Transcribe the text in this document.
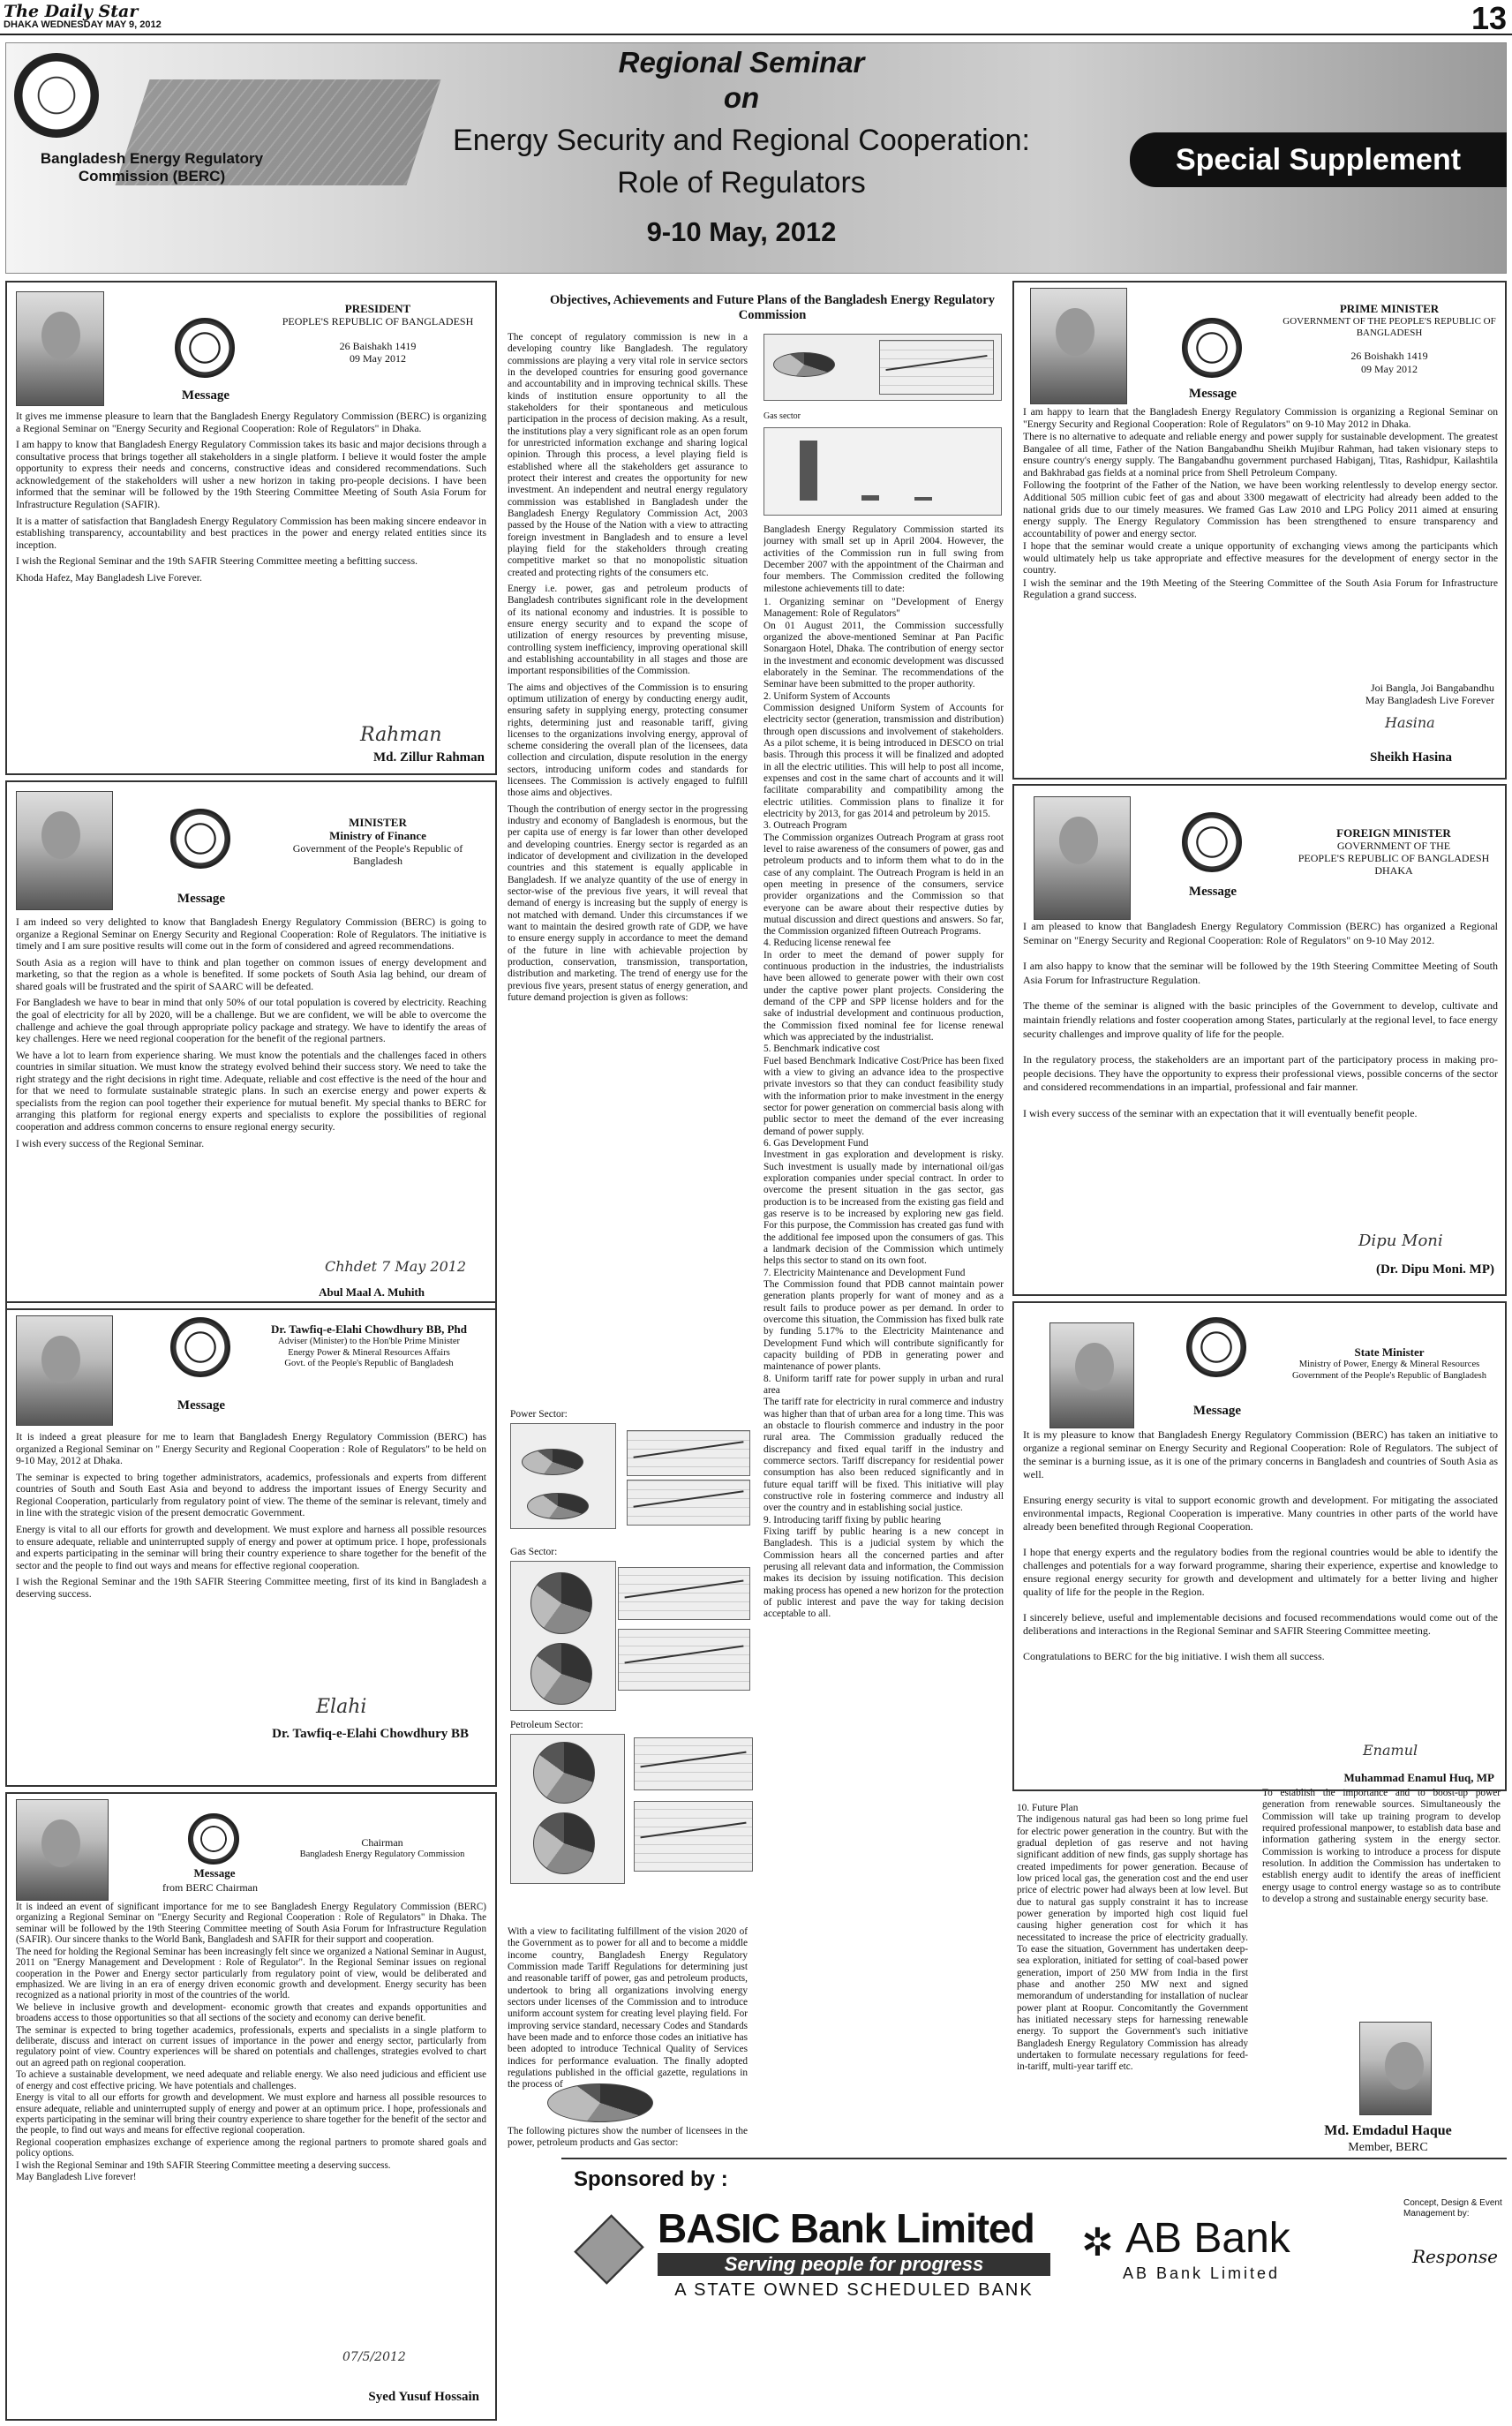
The Daily Star
DHAKA WEDNESDAY MAY 9, 2012	13
Bangladesh Energy Regulatory Commission (BERC)
Regional Seminar
on
Energy Security and Regional Cooperation:
Role of Regulators
9-10 May, 2012
Special Supplement
Message
PRESIDENT
PEOPLE'S REPUBLIC OF BANGLADESH

26 Baishakh 1419
09 May 2012

It gives me immense pleasure to learn that the Bangladesh Energy Regulatory Commission (BERC) is organizing a Regional Seminar on "Energy Security and Regional Cooperation: Role of Regulators" in Dhaka.

I am happy to know that Bangladesh Energy Regulatory Commission takes its basic and major decisions through a consultative process that brings together all stakeholders in a single platform. I believe it would foster the ample opportunity to express their needs and concerns, constructive ideas and considered recommendations. Such acknowledgement of the stakeholders will usher a new horizon in taking pro-people decisions. I have been informed that the seminar will be followed by the 19th Steering Committee Meeting of South Asia Forum for Infrastructure Regulation (SAFIR).

It is a matter of satisfaction that Bangladesh Energy Regulatory Commission has been making sincere endeavor in establishing transparency, accountability and best practices in the power and energy related entities since its inception.

I wish the Regional Seminar and the 19th SAFIR Steering Committee meeting a befitting success.

Khoda Hafez, May Bangladesh Live Forever.

Rahman
Md. Zillur Rahman
Message
MINISTER
Ministry of Finance
Government of the People's Republic of Bangladesh

I am indeed so very delighted to know that Bangladesh Energy Regulatory Commission (BERC) is going to organize a Regional Seminar on Energy Security and Regional Cooperation: Role of Regulators. The initiative is timely and I am sure positive results will come out in the form of considered and agreed recommendations.

South Asia as a region will have to think and plan together on common issues of energy development and marketing, so that the region as a whole is benefited. If some pockets of South Asia lag behind, our dream of shared goals will be frustrated and the spirit of SAARC will be defeated.

For Bangladesh we have to bear in mind that only 50% of our total population is covered by electricity. Reaching the goal of electricity for all by 2020, will be a challenge. But we are confident, we will be able to overcome the challenge and achieve the goal through appropriate policy package and strategy. We have to identify the areas of key challenges. Here we need regional cooperation for the benefit of the regional partners.

We have a lot to learn from experience sharing. We must know the potentials and the challenges faced in others countries in similar situation. We must know the strategy evolved behind their success story. We need to take the right strategy and the right decisions in right time. Adequate, reliable and cost effective is the need of the hour and for that we need to formulate sustainable strategic plans. In such an exercise energy and power experts & specialists from the region can pool together their experience for mutual benefit. My special thanks to BERC for arranging this platform for regional energy experts and specialists to explore the possibilities of regional cooperation and address common concerns to ensure regional energy security.

I wish every success of the Regional Seminar.

Chhdet 7 May 2012
Abul Maal A. Muhith
Message
Dr. Tawfiq-e-Elahi Chowdhury BB, Phd
Adviser (Minister) to the Hon'ble Prime Minister
Energy Power & Mineral Resources Affairs
Govt. of the People's Republic of Bangladesh

It is indeed a great pleasure for me to learn that Bangladesh Energy Regulatory Commission (BERC) has organized a Regional Seminar on " Energy Security and Regional Cooperation : Role of Regulators" to be held on 9-10 May, 2012 at Dhaka.

The seminar is expected to bring together administrators, academics, professionals and experts from different countries of South and South East Asia and beyond to address the important issues of Energy Security and Regional Cooperation, particularly from regulatory point of view. The theme of the seminar is relevant, timely and in line with the strategic vision of the present democratic Government.

Energy is vital to all our efforts for growth and development. We must explore and harness all possible resources to ensure adequate, reliable and uninterrupted supply of energy and power at optimum price. I hope, professionals and experts participating in the seminar will bring their country experience to share together for the benefit of the sector and the people to find out ways and means for effective regional cooperation.

I wish the Regional Seminar and the 19th SAFIR Steering Committee meeting, first of its kind in Bangladesh a deserving success.

Elahi
Dr. Tawfiq-e-Elahi Chowdhury BB
Message
from BERC Chairman
Chairman
Bangladesh Energy Regulatory Commission

It is indeed an event of significant importance for me to see Bangladesh Energy Regulatory Commission (BERC) organizing a Regional Seminar on "Energy Security and Regional Cooperation : Role of Regulators" in Dhaka. The seminar will be followed by the 19th Steering Committee meeting of South Asia Forum for Infrastructure Regulation (SAFIR). Our sincere thanks to the World Bank, Bangladesh and SAFIR for their support and cooperation.

The need for holding the Regional Seminar has been increasingly felt since we organized a National Seminar in August, 2011 on "Energy Management and Development : Role of Regulator". In the Regional Seminar issues on regional cooperation in the Power and Energy sector particularly from regulatory point of view, would be deliberated and emphasized. We are living in an era of energy driven economic growth and development. Energy security has been recognized as a national priority in most of the countries of the world.

We believe in inclusive growth and development- economic growth that creates and expands opportunities and broadens access to those opportunities so that all sections of the society and economy can derive benefit.

The seminar is expected to bring together academics, professionals, experts and specialists in a single platform to deliberate, discuss and interact on current issues of importance in the power and energy sector, particularly from regulatory point of view. Country experiences will be shared on potentials and challenges, strategies evolved to chart out an agreed path on regional cooperation.

To achieve a sustainable development, we need adequate and reliable energy. We also need judicious and efficient use of energy and cost effective pricing. We have potentials and challenges.

Energy is vital to all our efforts for growth and development. We must explore and harness all possible resources to ensure adequate, reliable and uninterrupted supply of energy and power at an optimum price. I hope, professionals and experts participating in the seminar will bring their country experience to share together for the benefit of the sector and the people, to find out ways and means for effective regional cooperation.

Regional cooperation emphasizes exchange of experience among the regional partners to promote shared goals and policy options.

I wish the Regional Seminar and 19th SAFIR Steering Committee meeting a deserving success.

May Bangladesh Live forever!

07/5/2012
Syed Yusuf Hossain
Objectives, Achievements and Future Plans of the Bangladesh Energy Regulatory Commission

The concept of regulatory commission is new in a developing country like Bangladesh. The regulatory commissions are playing a very vital role in service sectors in the developed countries for ensuring good governance and accountability and in improving technical skills. These kinds of institution ensure opportunity to all the stakeholders for their spontaneous and meticulous participation in the process of decision making. As a result, the institutions play a very significant role as an open forum for unrestricted information exchange and sharing logical opinion. Through this process, a level playing field is established where all the stakeholders get assurance to protect their interest and creates the opportunity for new investment. An independent and neutral energy regulatory commission was established in Bangladesh under the Bangladesh Energy Regulatory Commission Act, 2003 passed by the House of the Nation with a view to attracting foreign investment in Bangladesh and to ensure a level playing field for the stakeholders through creating competitive market so that no monopolistic situation created and protecting rights of the consumers etc.

Energy i.e. power, gas and petroleum products of Bangladesh contributes significant role in the development of its national economy and industries. It is possible to ensure energy security and to expand the scope of utilization of energy resources by preventing misuse, controlling system inefficiency, improving operational skill and establishing accountability in all stages and those are important responsibilities of the Commission.

The aims and objectives of the Commission is to ensuring optimum utilization of energy by conducting energy audit, ensuring safety in supplying energy, protecting consumer rights, determining just and reasonable tariff, giving licenses to the organizations involving energy, approval of scheme considering the overall plan of the licensees, data collection and circulation, dispute resolution in the energy sectors, introducing uniform codes and standards for licensees. The Commission is actively engaged to fulfill those aims and objectives.

Though the contribution of energy sector in the progressing industry and economy of Bangladesh is enormous, but the per capita use of energy is far lower than other developed and developing countries. Energy sector is regarded as an indicator of development and civilization in the developed countries and this statement is equally applicable in Bangladesh. If we analyze quantity of the use of energy in sector-wise of the previous five years, it will reveal that demand of energy is increasing but the supply of energy is not matched with demand. Under this circumstances if we want to maintain the desired growth rate of GDP, we have to ensure energy supply in accordance to meet the demand of the future in line with achievable projection by production, conservation, transmission, transportation, distribution and marketing. The trend of energy use for the previous five years, present status of energy generation, and future demand projection is given as follows:

Power Sector:
Gas Sector:
Petroleum Sector:

With a view to facilitating fulfillment of the vision 2020 of the Government as to power for all and to become a middle income country, Bangladesh Energy Regulatory Commission made Tariff Regulations for determining just and reasonable tariff of power, gas and petroleum products, undertook to bring all organizations involving energy sectors under licenses of the Commission and to introduce uniform account system for creating level playing field. For improving service standard, necessary Codes and Standards have been made and to enforce those codes an initiative has been adopted to introduce Technical Quality of Services indices for performance evaluation. The finally adopted regulations published in the official gazette, regulations in the process of

The following pictures show the number of licensees in the power, petroleum products and Gas sector:

Gas sector

Bangladesh Energy Regulatory Commission started its journey with small set up in April 2004. However, the activities of the Commission run in full swing from December 2007 with the appointment of the Chairman and four members. The Commission credited the following milestone achievements till to date:

1. Organizing seminar on "Development of Energy Management: Role of Regulators"

On 01 August 2011, the Commission successfully organized the above-mentioned Seminar at Pan Pacific Sonargaon Hotel, Dhaka. The contribution of energy sector in the investment and economic development was discussed elaborately in the Seminar. The recommendations of the Seminar have been submitted to the proper authority.

2. Uniform System of Accounts

Commission designed Uniform System of Accounts for electricity sector (generation, transmission and distribution) through open discussions and involvement of stakeholders. As a pilot scheme, it is being introduced in DESCO on trial basis. Through this process it will be finalized and adopted in all the electric utilities. This will help to post all income, expenses and cost in the same chart of accounts and it will facilitate comparability and compatibility among the electric utilities. Commission plans to finalize it for electricity by 2013, for gas 2014 and petroleum by 2015.

3. Outreach Program

The Commission organizes Outreach Program at grass root level to raise awareness of the consumers of power, gas and petroleum products and to inform them what to do in the case of any complaint. The Outreach Program is held in an open meeting in presence of the consumers, service provider organizations and the Commission so that everyone can be aware about their respective duties by mutual discussion and direct questions and answers. So far, the Commission organized fifteen Outreach Programs.

4. Reducing license renewal fee

In order to meet the demand of power supply for continuous production in the industries, the industrialists have been allowed to generate power with their own cost under the captive power plant projects. Considering the demand of the CPP and SPP license holders and for the sake of industrial development and continuous production, the Commission fixed nominal fee for license renewal which was appreciated by the industrialist.

5. Benchmark indicative cost

Fuel based Benchmark Indicative Cost/Price has been fixed with a view to giving an advance idea to the prospective private investors so that they can conduct feasibility study with the information prior to make investment in the energy sector for power generation on commercial basis along with public sector to meet the demand of the ever increasing demand of power supply.

6. Gas Development Fund

Investment in gas exploration and development is risky. Such investment is usually made by international oil/gas exploration companies under special contract. In order to overcome the present situation in the gas sector, gas production is to be increased from the existing gas field and gas reserve is to be increased by exploring new gas field. For this purpose, the Commission has created gas fund with the additional fee imposed upon the consumers of gas. This a landmark decision of the Commission which untimely helps this sector to stand on its own foot.

7. Electricity Maintenance and Development Fund

The Commission found that PDB cannot maintain power generation plants properly for want of money and as a result fails to produce power as per demand. In order to overcome this situation, the Commission has fixed bulk rate by funding 5.17% to the Electricity Maintenance and Development Fund which will contribute significantly for capacity building of PDB in generating power and maintenance of power plants.

8. Uniform tariff rate for power supply in urban and rural area

The tariff rate for electricity in rural commerce and industry was higher than that of urban area for a long time. This was an obstacle to flourish commerce and industry in the poor rural area. The Commission gradually reduced the discrepancy and fixed equal tariff in the industry and commerce sectors. Tariff discrepancy for residential power consumption has also been reduced significantly and in future equal tariff will be fixed. This initiative will play constructive role in fostering commerce and industry all over the country and in establishing social justice.

9. Introducing tariff fixing by public hearing

Fixing tariff by public hearing is a new concept in Bangladesh. This is a judicial system by which the Commission hears all the concerned parties and after perusing all relevant data and information, the Commission makes its decision by issuing notification. This decision making process has opened a new horizon for the protection of public interest and pave the way for taking decision acceptable to all.

10. Future Plan

The indigenous natural gas had been so long prime fuel for electric power generation in the country. But with the gradual depletion of gas reserve and not having significant addition of new finds, gas supply shortage has created impediments for power generation. Because of low priced local gas, the generation cost and the end user price of electric power had always been at low level. But due to natural gas supply constraint it has to increase power generation by imported high cost liquid fuel causing higher generation cost for which it has necessitated to increase the price of electricity gradually. To ease the situation, Government has undertaken deep-sea exploration, initiated for setting of coal-based power generation, import of 250 MW from India in the first phase and another 250 MW next and signed memorandum of understanding for installation of nuclear power plant at Roopur. Concomitantly the Government has initiated necessary steps for harnessing renewable energy. To support the Government's such initiative Bangladesh Energy Regulatory Commission has already undertaken to formulate necessary regulations for feed-in-tariff, multi-year tariff etc.

To establish the importance and to boost-up power generation from renewable sources. Simultaneously the Commission will take up training program to develop required professional manpower, to establish data base and information gathering system in the energy sector. Commission is working to introduce a process for dispute resolution. In addition the Commission has undertaken to establish energy audit to identify the areas of inefficient energy usage to control energy wastage so as to contribute to develop a strong and sustainable energy security base.

Md. Emdadul Haque
Member, BERC
Message
PRIME MINISTER
GOVERNMENT OF THE PEOPLE'S REPUBLIC OF BANGLADESH

26 Boishakh 1419
09 May 2012

I am happy to learn that the Bangladesh Energy Regulatory Commission is organizing a Regional Seminar on "Energy Security and Regional Cooperation: Role of Regulators" on 9-10 May 2012 in Dhaka.

There is no alternative to adequate and reliable energy and power supply for sustainable development. The greatest Bangalee of all time, Father of the Nation Bangabandhu Sheikh Mujibur Rahman, had taken visionary steps to ensure country's energy supply. The Bangabandhu government purchased Habiganj, Titas, Rashidpur, Kailashtila and Bakhrabad gas fields at a nominal price from Shell Petroleum Company.

Following the footprint of the Father of the Nation, we have been working relentlessly to develop energy sector. Additional 505 million cubic feet of gas and about 3300 megawatt of electricity had already been added to the national grids due to our timely measures. We framed Gas Law 2010 and LPG Policy 2011 aimed at ensuring energy supply. The Energy Regulatory Commission has been strengthened to ensure transparency and accountability of power and energy sector.

I hope that the seminar would create a unique opportunity of exchanging views among the participants which would ultimately help us take appropriate and effective measures for the development of energy sector in the country.

I wish the seminar and the 19th Meeting of the Steering Committee of the South Asia Forum for Infrastructure Regulation a grand success.

Joi Bangla, Joi Bangabandhu
May Bangladesh Live Forever
Hasina
Sheikh Hasina
Message
FOREIGN MINISTER
GOVERNMENT OF THE
PEOPLE'S REPUBLIC OF BANGLADESH
DHAKA

I am pleased to know that Bangladesh Energy Regulatory Commission (BERC) has organized a Regional Seminar on "Energy Security and Regional Cooperation: Role of Regulators" on 9-10 May 2012.

I am also happy to know that the seminar will be followed by the 19th Steering Committee Meeting of South Asia Forum for Infrastructure Regulation.

The theme of the seminar is aligned with the basic principles of the Government to develop, cultivate and maintain friendly relations and foster cooperation among States, particularly at the regional level, to face energy security challenges and improve quality of life for the people.

In the regulatory process, the stakeholders are an important part of the participatory process in making pro-people decisions. They have the opportunity to express their professional views, possible concerns of the sector and considered recommendations in an impartial, professional and fair manner.

I wish every success of the seminar with an expectation that it will eventually benefit people.

Dipu Moni
(Dr. Dipu Moni. MP)
Message
State Minister
Ministry of Power, Energy & Mineral Resources
Government of the People's Republic of Bangladesh

It is my pleasure to know that Bangladesh Energy Regulatory Commission (BERC) has taken an initiative to organize a regional seminar on Energy Security and Regional Cooperation: Role of Regulators. The subject of the seminar is a burning issue, as it is one of the primary concerns in Bangladesh and countries of South Asia as well.

Ensuring energy security is vital to support economic growth and development. For mitigating the associated environmental impacts, Regional Cooperation is imperative. Many countries in other parts of the world have already been benefited through Regional Cooperation.

I hope that energy experts and the regulatory bodies from the regional countries would be able to identify the challenges and potentials for a way forward programme, sharing their experience, expertise and knowledge to ensure regional energy security for growth and development and ultimately for a better living and higher quality of life for the people in the Region.

I sincerely believe, useful and implementable decisions and focused recommendations would come out of the deliberations and interactions in the Regional Seminar and SAFIR Steering Committee meeting.

Congratulations to BERC for the big initiative. I wish them all success.

Enamul
Muhammad Enamul Huq, MP
Sponsored by :
BASIC Bank Limited
Serving people for progress
A STATE OWNED SCHEDULED BANK
✲ AB Bank
AB Bank Limited
Concept, Design & Event Management by:
Response
